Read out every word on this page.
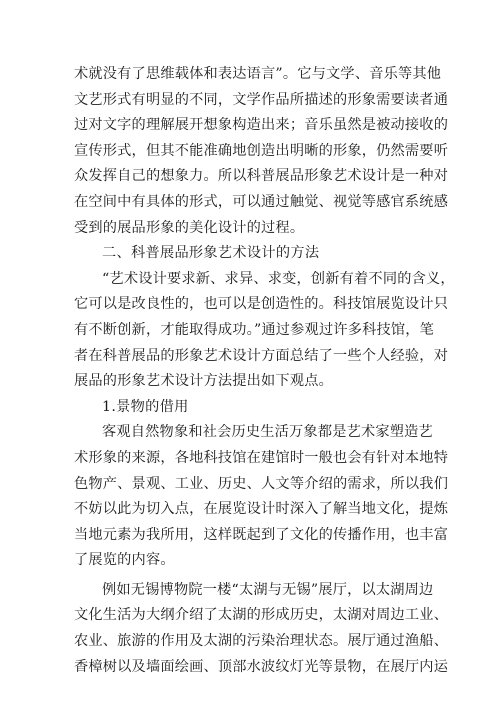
术就没有了思维载体和表达语言”。它与文学、音乐等其他
文艺形式有明显的不同，文学作品所描述的形象需要读者通
过对文字的理解展开想象构造出来；音乐虽然是被动接收的
宣传形式，但其不能准确地创造出明晰的形象，仍然需要听
众发挥自己的想象力。所以科普展品形象艺术设计是一种对
在空间中有具体的形式，可以通过触觉、视觉等感官系统感
受到的展品形象的美化设计的过程。
二、科普展品形象艺术设计的方法
“艺术设计要求新、求异、求变，创新有着不同的含义，
它可以是改良性的，也可以是创造性的。科技馆展览设计只
有不断创新，才能取得成功。”通过参观过许多科技馆，笔
者在科普展品的形象艺术设计方面总结了一些个人经验，对
展品的形象艺术设计方法提出如下观点。
1.景物的借用
客观自然物象和社会历史生活万象都是艺术家塑造艺
术形象的来源，各地科技馆在建馆时一般也会有针对本地特
色物产、景观、工业、历史、人文等介绍的需求，所以我们
不妨以此为切入点，在展览设计时深入了解当地文化，提炼
当地元素为我所用，这样既起到了文化的传播作用，也丰富
了展览的内容。
例如无锡博物院一楼“太湖与无锡”展厅，以太湖周边
文化生活为大纲介绍了太湖的形成历史，太湖对周边工业、
农业、旅游的作用及太湖的污染治理状态。展厅通过渔船、
香樟树以及墙面绘画、顶部水波纹灯光等景物，在展厅内运
